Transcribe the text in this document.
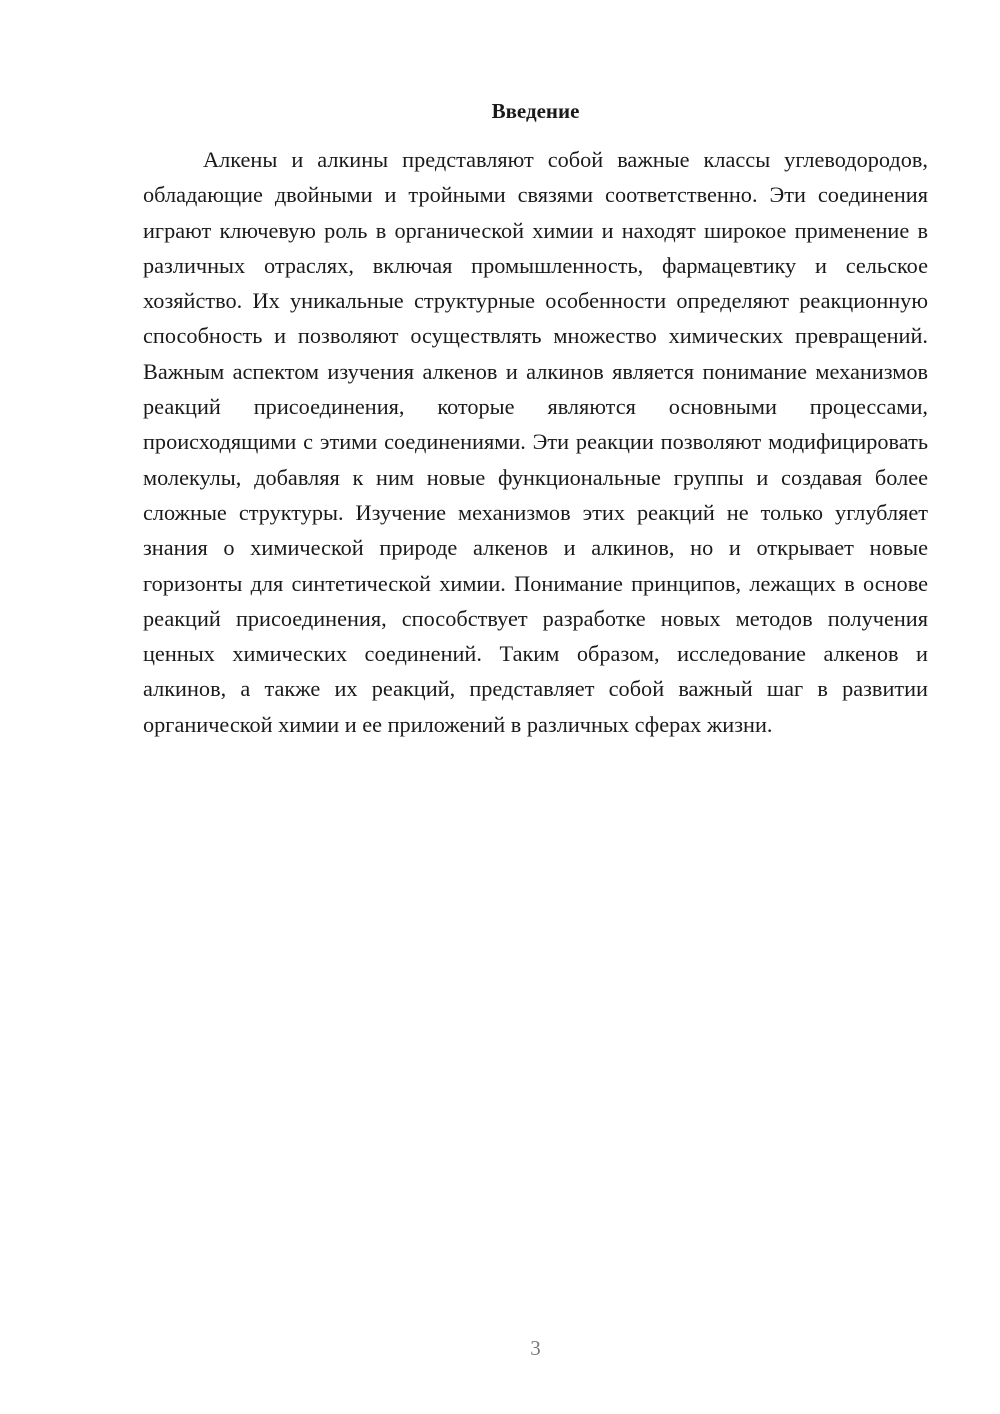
Введение

Алкены и алкины представляют собой важные классы углеводородов, обладающие двойными и тройными связями соответственно. Эти соединения играют ключевую роль в органической химии и находят широкое применение в различных отраслях, включая промышленность, фармацевтику и сельское хозяйство. Их уникальные структурные особенности определяют реакционную способность и позволяют осуществлять множество химических превращений. Важным аспектом изучения алкенов и алкинов является понимание механизмов реакций присоединения, которые являются основными процессами, происходящими с этими соединениями. Эти реакции позволяют модифицировать молекулы, добавляя к ним новые функциональные группы и создавая более сложные структуры. Изучение механизмов этих реакций не только углубляет знания о химической природе алкенов и алкинов, но и открывает новые горизонты для синтетической химии. Понимание принципов, лежащих в основе реакций присоединения, способствует разработке новых методов получения ценных химических соединений. Таким образом, исследование алкенов и алкинов, а также их реакций, представляет собой важный шаг в развитии органической химии и ее приложений в различных сферах жизни.

3
